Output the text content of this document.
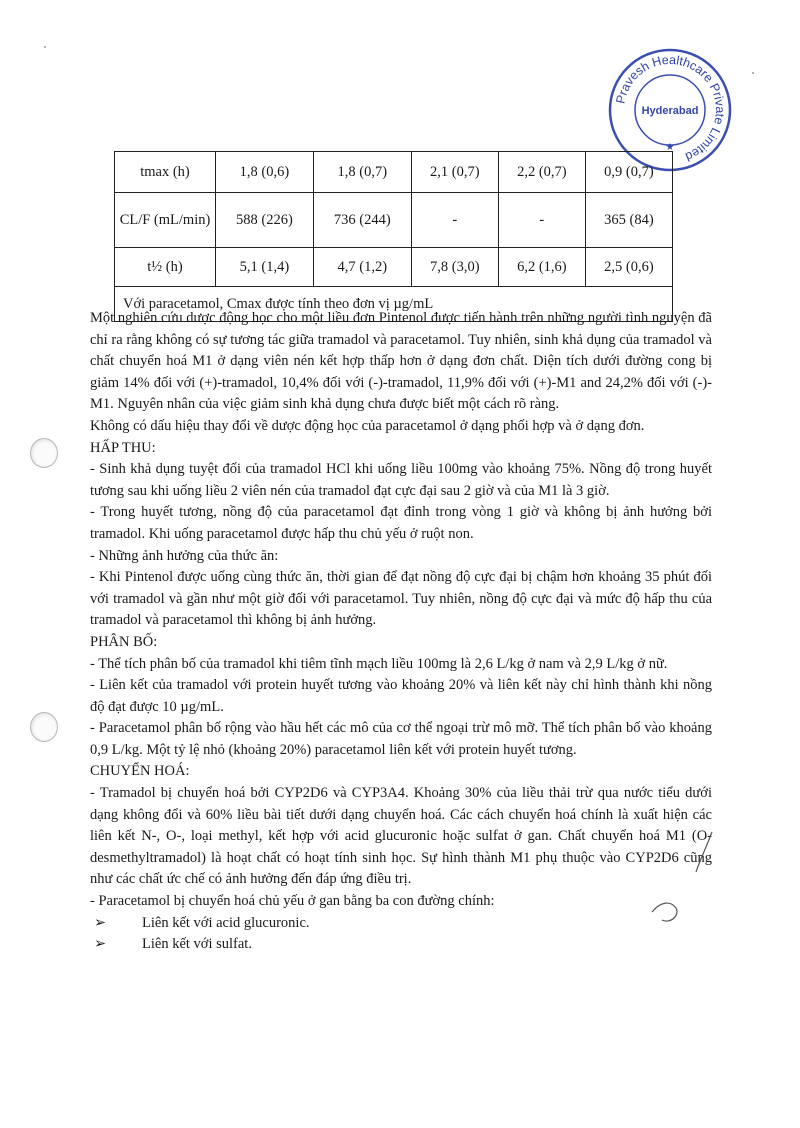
Pravesh Healthcare Private Limited
Hyderabad
★
tmax (h)	1,8 (0,6)	1,8 (0,7)	2,1 (0,7)	2,2 (0,7)	0,9 (0,7)
CL/F (mL/min)	588 (226)	736 (244)	-	-	365 (84)
t½ (h)	5,1 (1,4)	4,7 (1,2)	7,8 (3,0)	6,2 (1,6)	2,5 (0,6)
Với paracetamol, Cmax được tính theo đơn vị µg/mL					

Một nghiên cứu dược động học cho một liều đơn Pintenol được tiến hành trên những người tình nguyện đã chỉ ra rằng không có sự tương tác giữa tramadol và paracetamol. Tuy nhiên, sinh khả dụng của tramadol và chất chuyển hoá M1 ở dạng viên nén kết hợp thấp hơn ở dạng đơn chất. Diện tích dưới đường cong bị giảm 14% đối với (+)-tramadol, 10,4% đối với (-)-tramadol, 11,9% đối với (+)-M1 and 24,2% đối với (-)-M1. Nguyên nhân của việc giảm sinh khả dụng chưa được biết một cách rõ ràng.

Không có dấu hiệu thay đổi về dược động học của paracetamol ở dạng phối hợp và ở dạng đơn.

HẤP THU:

- Sinh khả dụng tuyệt đối của tramadol HCl khi uống liều 100mg vào khoảng 75%. Nồng độ trong huyết tương sau khi uống liều 2 viên nén của tramadol đạt cực đại sau 2 giờ và của M1 là 3 giờ.

- Trong huyết tương, nồng độ của paracetamol đạt đỉnh trong vòng 1 giờ và không bị ảnh hưởng bởi tramadol. Khi uống paracetamol được hấp thu chủ yếu ở ruột non.

- Những ảnh hưởng của thức ăn:

- Khi Pintenol được uống cùng thức ăn, thời gian để đạt nồng độ cực đại bị chậm hơn khoảng 35 phút đối với tramadol và gần như một giờ đối với paracetamol. Tuy nhiên, nồng độ cực đại và mức độ hấp thu của tramadol và paracetamol thì không bị ảnh hưởng.

PHÂN BỐ:

- Thể tích phân bố của tramadol khi tiêm tĩnh mạch liều 100mg là 2,6 L/kg ở nam và 2,9 L/kg ở nữ.

- Liên kết của tramadol với protein huyết tương vào khoảng 20% và liên kết này chỉ hình thành khi nồng độ đạt được 10 µg/mL.

- Paracetamol phân bố rộng vào hầu hết các mô của cơ thể ngoại trừ mô mỡ. Thể tích phân bố vào khoảng 0,9 L/kg. Một tỷ lệ nhỏ (khoảng 20%) paracetamol liên kết với protein huyết tương.

CHUYỂN HOÁ:

- Tramadol bị chuyển hoá bởi CYP2D6 và CYP3A4. Khoảng 30% của liều thải trừ qua nước tiểu dưới dạng không đổi và 60% liều bài tiết dưới dạng chuyển hoá. Các cách chuyển hoá chính là xuất hiện các liên kết N-, O-, loại methyl, kết hợp với acid glucuronic hoặc sulfat ở gan. Chất chuyển hoá M1 (O-desmethyltramadol) là hoạt chất có hoạt tính sinh học. Sự hình thành M1 phụ thuộc vào CYP2D6 cũng như các chất ức chế có ảnh hưởng đến đáp ứng điều trị.

- Paracetamol bị chuyển hoá chủ yếu ở gan bằng ba con đường chính:

➢	Liên kết với acid glucuronic.
➢	Liên kết với sulfat.
